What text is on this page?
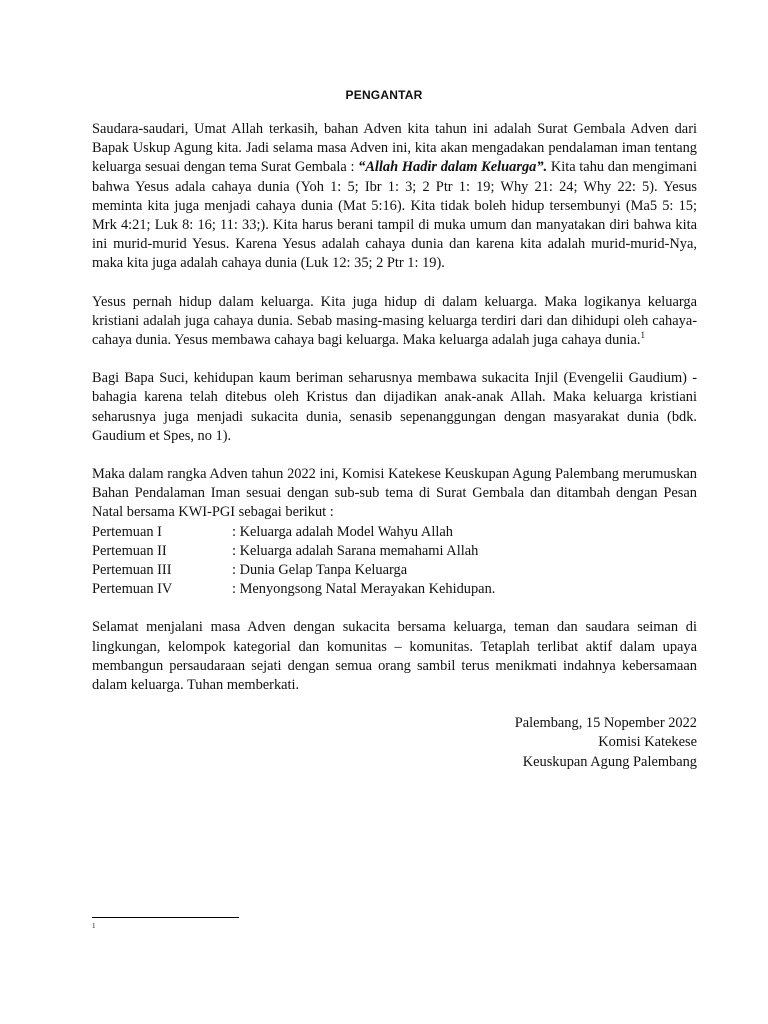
PENGANTAR

Saudara-saudari, Umat Allah terkasih, bahan Adven kita tahun ini adalah Surat Gembala Adven dari Bapak Uskup Agung kita. Jadi selama masa Adven ini, kita akan mengadakan pendalaman iman tentang keluarga sesuai dengan tema Surat Gembala : “Allah Hadir dalam Keluarga”. Kita tahu dan mengimani bahwa Yesus adala cahaya dunia (Yoh 1: 5; Ibr 1: 3; 2 Ptr 1: 19; Why 21: 24; Why 22: 5). Yesus meminta kita juga menjadi cahaya dunia (Mat 5:16). Kita tidak boleh hidup tersembunyi (Ma5 5: 15; Mrk 4:21; Luk 8: 16; 11: 33;). Kita harus berani tampil di muka umum dan manyatakan diri bahwa kita ini murid-murid Yesus. Karena Yesus adalah cahaya dunia dan karena kita adalah murid-murid-Nya, maka kita juga adalah cahaya dunia (Luk 12: 35; 2 Ptr 1: 19).

Yesus pernah hidup dalam keluarga. Kita juga hidup di dalam keluarga. Maka logikanya keluarga kristiani adalah juga cahaya dunia. Sebab masing-masing keluarga terdiri dari dan dihidupi oleh cahaya-cahaya dunia. Yesus membawa cahaya bagi keluarga. Maka keluarga adalah juga cahaya dunia.$^1$

Bagi Bapa Suci, kehidupan kaum beriman seharusnya membawa sukacita Injil (Evengelii Gaudium) - bahagia karena telah ditebus oleh Kristus dan dijadikan anak-anak Allah. Maka keluarga kristiani seharusnya juga menjadi sukacita dunia, senasib sepenanggungan dengan masyarakat dunia (bdk. Gaudium et Spes, no 1).

Maka dalam rangka Adven tahun 2022 ini, Komisi Katekese Keuskupan Agung Palembang merumuskan Bahan Pendalaman Iman sesuai dengan sub-sub tema di Surat Gembala dan ditambah dengan Pesan Natal bersama KWI-PGI sebagai berikut :

Pertemuan I	: Keluarga adalah Model Wahyu Allah
Pertemuan II	: Keluarga adalah Sarana memahami Allah
Pertemuan III	: Dunia Gelap Tanpa Keluarga
Pertemuan IV	: Menyongsong Natal Merayakan Kehidupan.

Selamat menjalani masa Adven dengan sukacita bersama keluarga, teman dan saudara seiman di lingkungan, kelompok kategorial dan komunitas – komunitas. Tetaplah terlibat aktif dalam upaya membangun persaudaraan sejati dengan semua orang sambil terus menikmati indahnya kebersamaan dalam keluarga. Tuhan memberkati.

Palembang, 15 Nopember 2022
Komisi Katekese
Keuskupan Agung Palembang
1
